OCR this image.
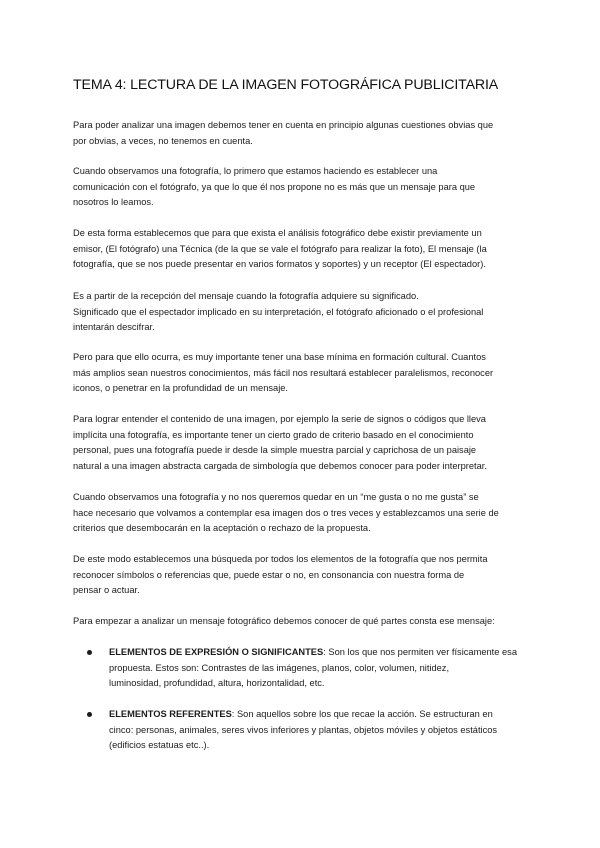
TEMA 4: LECTURA DE LA IMAGEN FOTOGRÁFICA PUBLICITARIA
Para poder analizar una imagen debemos tener en cuenta en principio algunas cuestiones obvias que
por obvias, a veces, no tenemos en cuenta.
Cuando observamos una fotografía, lo primero que estamos haciendo es establecer una
comunicación con el fotógrafo, ya que lo que él nos propone no es más que un mensaje para que
nosotros lo leamos.
De esta forma establecemos que para que exista el análisis fotográfico debe existir previamente un
emisor, (El fotógrafo) una Técnica (de la que se vale el fotógrafo para realizar la foto), El mensaje (la
fotografía, que se nos puede presentar en varios formatos y soportes) y un receptor (El espectador).
Es a partir de la recepción del mensaje cuando la fotografía adquiere su significado.
Significado que el espectador implicado en su interpretación, el fotógrafo aficionado o el profesional
intentarán descifrar.
Pero para que ello ocurra, es muy importante tener una base mínima en formación cultural. Cuantos
más amplios sean nuestros conocimientos, más fácil nos resultará establecer paralelismos, reconocer
iconos, o penetrar en la profundidad de un mensaje.
Para lograr entender el contenido de una imagen, por ejemplo la serie de signos o códigos que lleva
implícita una fotografía, es importante tener un cierto grado de criterio basado en el conocimiento
personal, pues una fotografía puede ir desde la simple muestra parcial y caprichosa de un paisaje
natural a una imagen abstracta cargada de simbología que debemos conocer para poder interpretar.
Cuando observamos una fotografía y no nos queremos quedar en un “me gusta o no me gusta” se
hace necesario que volvamos a contemplar esa imagen dos o tres veces y establezcamos una serie de
criterios que desembocarán en la aceptación o rechazo de la propuesta.
De este modo establecemos una búsqueda por todos los elementos de la fotografía que nos permita
reconocer símbolos o referencias que, puede estar o no, en consonancia con nuestra forma de
pensar o actuar.
Para empezar a analizar un mensaje fotográfico debemos conocer de qué partes consta ese mensaje:
ELEMENTOS DE EXPRESIÓN O SIGNIFICANTES: Son los que nos permiten ver físicamente esa
propuesta. Estos son: Contrastes de las imágenes, planos, color, volumen, nitidez,
luminosidad, profundidad, altura, horizontalidad, etc.
ELEMENTOS REFERENTES: Son aquellos sobre los que recae la acción. Se estructuran en
cinco: personas, animales, seres vivos inferiores y plantas, objetos móviles y objetos estáticos
(edificios estatuas etc..).
